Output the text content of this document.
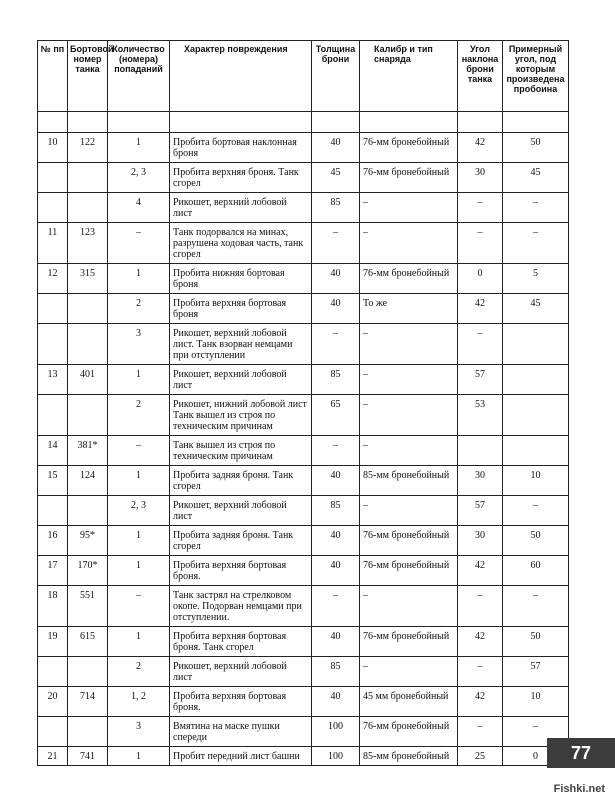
№ пп	Бортовой номер танка	Количество (номера) попаданий	Характер повреждения	Толщина брони	Калибр и тип снаряда	Угол наклона брони танка	Примерный угол, под которым произведена пробоина

10	122	1	Пробита бортовая наклонная броня	40	76-мм бронебойный	42	50
		2, 3	Пробита верхняя броня. Танк сгорел	45	76-мм бронебойный	30	45
		4	Рикошет, верхний лобовой лист	85	–	–	–
11	123	–	Танк подорвался на минах, разрушена ходовая часть, танк сгорел	–	–	–	–
12	315	1	Пробита нижняя бортовая броня	40	76-мм бронебойный	0	5
		2	Пробита верхняя бортовая броня	40	То же	42	45
		3	Рикошет, верхний лобовой лист. Танк взорван немцами при отступлении	–	–	–	
13	401	1	Рикошет, верхний лобовой лист	85	–	57	
		2	Рикошет, нижний лобовой лист Танк вышел из строя по техническим причинам	65	–	53	
14	381*	–	Танк вышел из строя по техническим причинам	–	–		
15	124	1	Пробита задняя броня. Танк сгорел	40	85-мм бронебойный	30	10
		2, 3	Рикошет, верхний лобовой лист	85	–	57	–
16	95*	1	Пробита задняя броня. Танк сгорел	40	76-мм бронебойный	30	50
17	170*	1	Пробита верхняя бортовая броня.	40	76-мм бронебойный	42	60
18	551	–	Танк застрял на стрелковом окопе. Подорван немцами при отступлении.	–	–	–	–
19	615	1	Пробита верхняя бортовая броня. Танк сгорел	40	76-мм бронебойный	42	50
		2	Рикошет, верхний лобовой лист	85	–	–	57
20	714	1, 2	Пробита верхняя бортовая броня.	40	45 мм бронебойный	42	10
		3	Вмятина на маске пушки спереди	100	76-мм бронебойный	–	–
21	741	1	Пробит передний лист башни	100	85-мм бронебойный	25	0	77
Fishki.net
